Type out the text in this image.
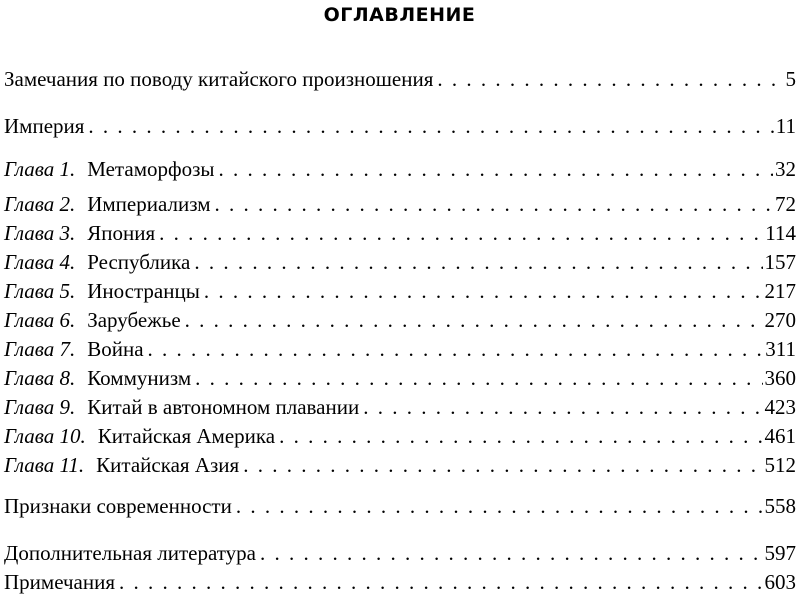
ОГЛАВЛЕНИЕ
Замечания по поводу китайского произношения . . .	5
Империя . . .	11
Глава 1. Метаморфозы . . .	32
Глава 2. Империализм . . .	72
Глава 3. Япония . . .	114
Глава 4. Республика . . .	157
Глава 5. Иностранцы . . .	217
Глава 6. Зарубежье . . .	270
Глава 7. Война . . .	311
Глава 8. Коммунизм . . .	360
Глава 9. Китай в автономном плавании . . .	423
Глава 10. Китайская Америка . . .	461
Глава 11. Китайская Азия . . .	512
Признаки современности . . .	558
Дополнительная литература . . .	597
Примечания . . .	603
